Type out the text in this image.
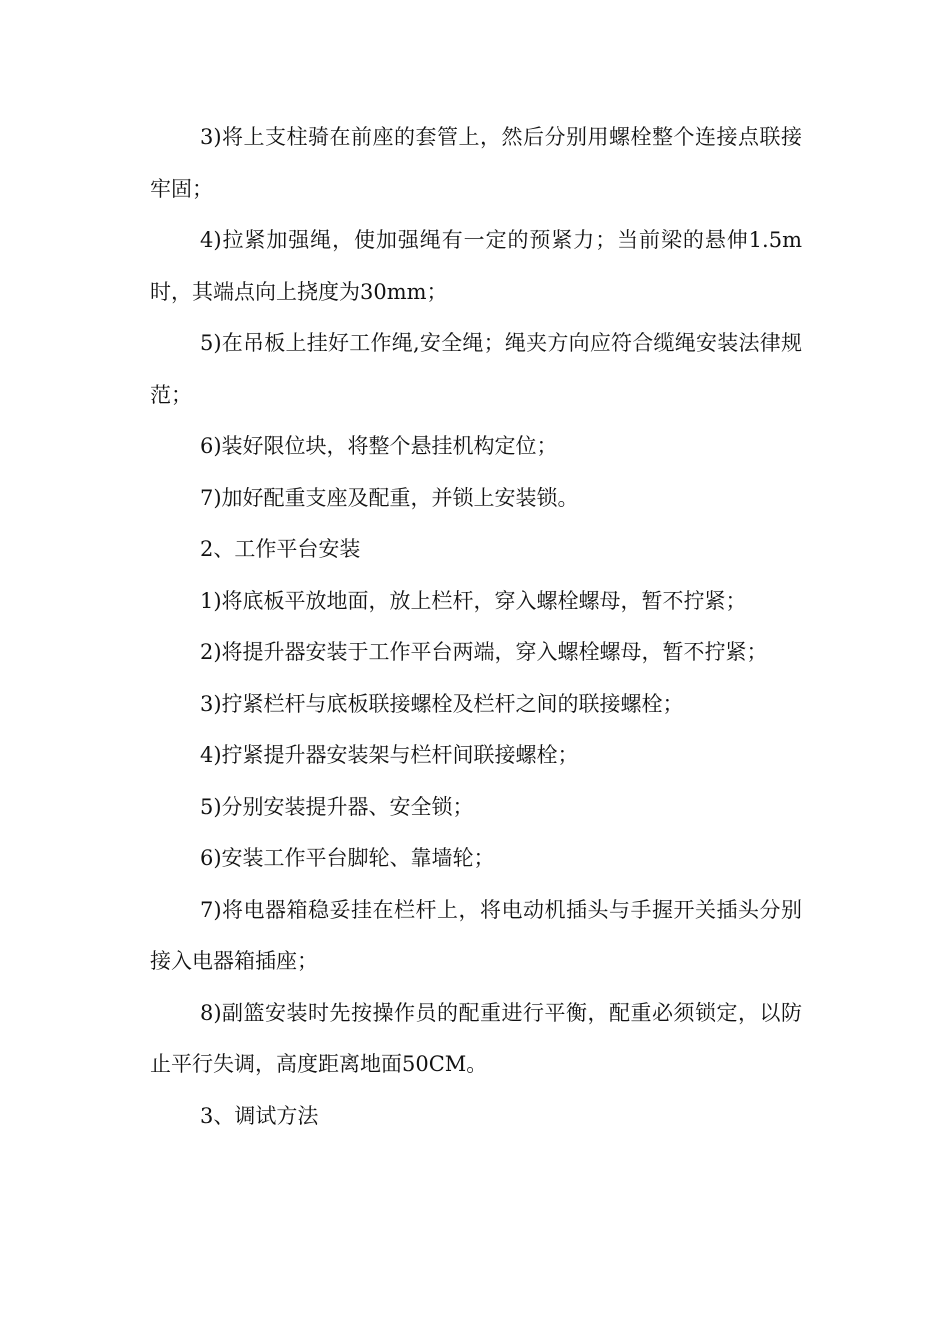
3)将上支柱骑在前座的套管上，然后分别用螺栓整个连接点联接牢固；

4)拉紧加强绳，使加强绳有一定的预紧力；当前梁的悬伸1.5m时，其端点向上挠度为30mm；

5)在吊板上挂好工作绳,安全绳；绳夹方向应符合缆绳安装法律规范；

6)装好限位块，将整个悬挂机构定位；

7)加好配重支座及配重，并锁上安装锁。

2、工作平台安装

1)将底板平放地面，放上栏杆，穿入螺栓螺母，暂不拧紧；

2)将提升器安装于工作平台两端，穿入螺栓螺母，暂不拧紧；

3)拧紧栏杆与底板联接螺栓及栏杆之间的联接螺栓；

4)拧紧提升器安装架与栏杆间联接螺栓；

5)分别安装提升器、安全锁；

6)安装工作平台脚轮、靠墙轮；

7)将电器箱稳妥挂在栏杆上，将电动机插头与手握开关插头分别接入电器箱插座；

8)副篮安装时先按操作员的配重进行平衡，配重必须锁定，以防止平行失调，高度距离地面50CM。

3、调试方法
